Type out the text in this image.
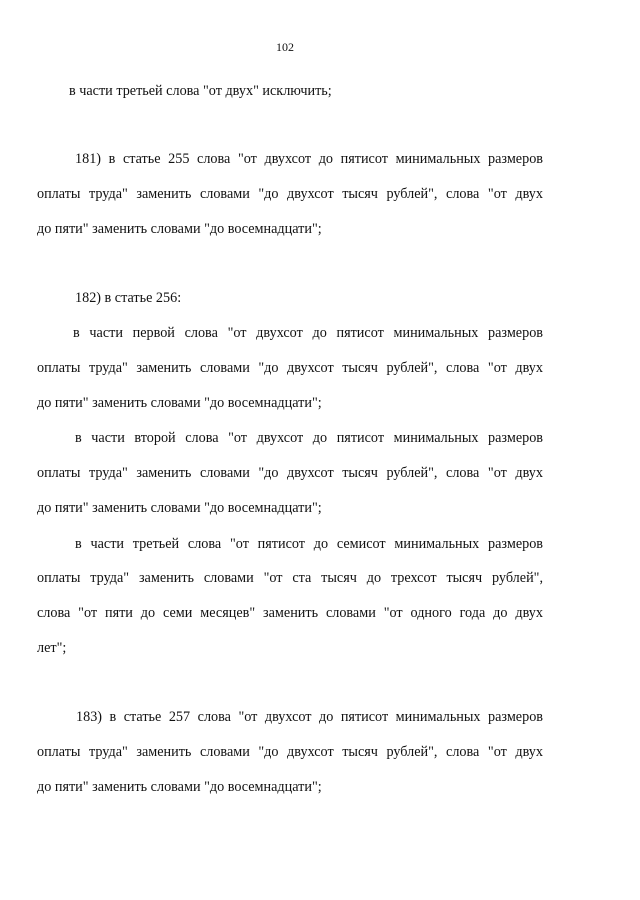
102
в части третьей слова "от двух" исключить;
181) в статье 255 слова "от двухсот до пятисот минимальных размеров
оплаты труда" заменить словами "до двухсот тысяч рублей", слова "от двух
до пяти" заменить словами "до восемнадцати";
182) в статье 256:
в части первой слова "от двухсот до пятисот минимальных размеров
оплаты труда" заменить словами "до двухсот тысяч рублей", слова "от двух
до пяти" заменить словами "до восемнадцати";
в части второй слова "от двухсот до пятисот минимальных размеров
оплаты труда" заменить словами "до двухсот тысяч рублей", слова "от двух
до пяти" заменить словами "до восемнадцати";
в части третьей слова "от пятисот до семисот минимальных размеров
оплаты труда" заменить словами "от ста тысяч до трехсот тысяч рублей",
слова "от пяти до семи месяцев" заменить словами "от одного года до двух
лет";
183) в статье 257 слова "от двухсот до пятисот минимальных размеров
оплаты труда" заменить словами "до двухсот тысяч рублей", слова "от двух
до пяти" заменить словами "до восемнадцати";
